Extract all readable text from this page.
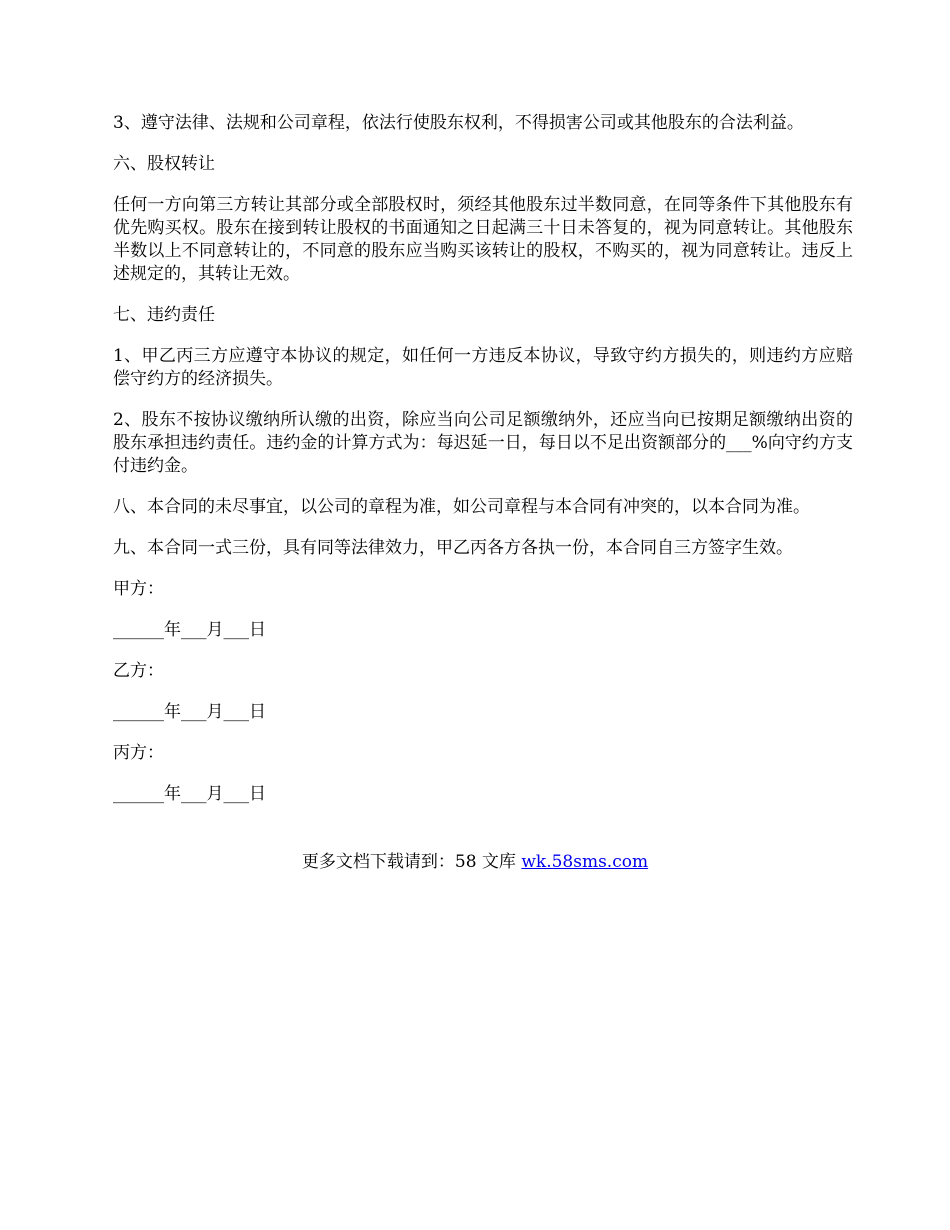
3、遵守法律、法规和公司章程，依法行使股东权利，不得损害公司或其他股东的合法利益。

六、股权转让

任何一方向第三方转让其部分或全部股权时，须经其他股东过半数同意，在同等条件下其他股东有优先购买权。股东在接到转让股权的书面通知之日起满三十日未答复的，视为同意转让。其他股东半数以上不同意转让的，不同意的股东应当购买该转让的股权，不购买的，视为同意转让。违反上述规定的，其转让无效。

七、违约责任

1、甲乙丙三方应遵守本协议的规定，如任何一方违反本协议，导致守约方损失的，则违约方应赔偿守约方的经济损失。

2、股东不按协议缴纳所认缴的出资，除应当向公司足额缴纳外，还应当向已按期足额缴纳出资的股东承担违约责任。违约金的计算方式为：每迟延一日，每日以不足出资额部分的___%向守约方支付违约金。

八、本合同的未尽事宜，以公司的章程为准，如公司章程与本合同有冲突的，以本合同为准。

九、本合同一式三份，具有同等法律效力，甲乙丙各方各执一份，本合同自三方签字生效。

甲方：
______年___月___日
乙方：
______年___月___日
丙方：
______年___月___日
更多文档下载请到：58 文库 wk.58sms.com
